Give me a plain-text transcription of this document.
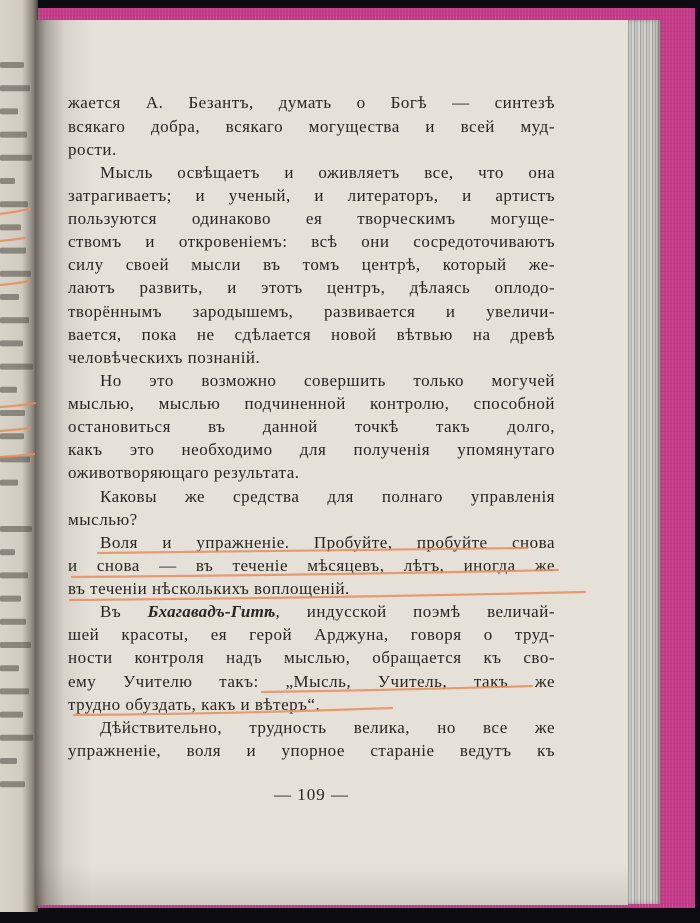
жается А. Безантъ, думать о Богѣ — синтезѣ
всякаго добра, всякаго могущества и всей муд-
рости.
Мысль освѣщаетъ и оживляетъ все, что она
затрагиваетъ; и ученый, и литераторъ, и артистъ
пользуются одинаково ея творческимъ могуще-
ствомъ и откровеніемъ: всѣ они сосредоточиваютъ
силу своей мысли въ томъ центрѣ, который же-
лаютъ развить, и этотъ центръ, дѣлаясь оплодо-
творённымъ зародышемъ, развивается и увеличи-
вается, пока не сдѣлается новой вѣтвью на древѣ
человѣческихъ познаній.
Но это возможно совершить только могучей
мыслью, мыслью подчиненной контролю, способной
остановиться въ данной точкѣ такъ долго,
какъ это необходимо для полученія упомянутаго
оживотворяющаго результата.
Каковы же средства для полнаго управленія
мыслью?
Воля и упражненіе. Пробуйте, пробуйте снова
и снова — въ теченіе мѣсяцевъ, лѣтъ, иногда же
въ теченіи нѣсколькихъ воплощеній.
Въ Бхагавадъ-Гитѣ, индусской поэмѣ величай-
шей красоты, ея герой Арджуна, говоря о труд-
ности контроля надъ мыслью, обращается къ сво-
ему Учителю такъ: „Мысль, Учитель, такъ же
трудно обуздать, какъ и вѣтеръ“.
Дѣйствительно, трудность велика, но все же
упражненіе, воля и упорное стараніе ведутъ къ
— 109 —
